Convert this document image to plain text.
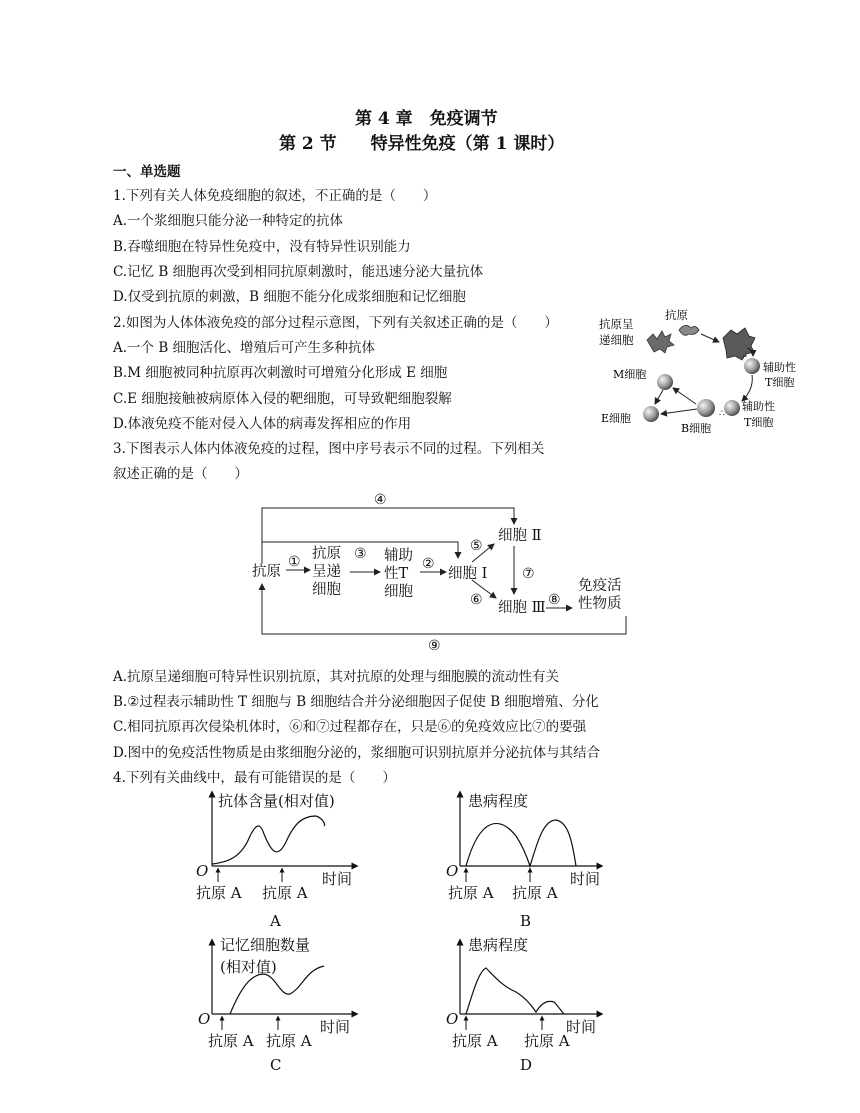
第 4 章　免疫调节
第 2 节　　特异性免疫（第 1 课时）
一、单选题
1.下列有关人体免疫细胞的叙述，不正确的是（　　）
A.一个浆细胞只能分泌一种特定的抗体
B.吞噬细胞在特异性免疫中，没有特异性识别能力
C.记忆 B 细胞再次受到相同抗原刺激时，能迅速分泌大量抗体
D.仅受到抗原的刺激，B 细胞不能分化成浆细胞和记忆细胞
2.如图为人体体液免疫的部分过程示意图，下列有关叙述正确的是（　　）
A.一个 B 细胞活化、增殖后可产生多种抗体
B.M 细胞被同种抗原再次刺激时可增殖分化形成 E 细胞
C.E 细胞接触被病原体入侵的靶细胞，可导致靶细胞裂解
D.体液免疫不能对侵入人体的病毒发挥相应的作用
抗原呈
递细胞
抗原
辅助性
T细胞
辅助性
T细胞
∴
B细胞
M细胞
E细胞
3.下图表示人体内体液免疫的过程，图中序号表示不同的过程。下列相关
叙述正确的是（　　）
抗原
抗原
呈递
细胞
辅助
性T
细胞
细胞 Ⅰ
细胞 Ⅱ
细胞 Ⅲ
免疫活
性物质
①	②
③
④
⑤
⑥
⑦
⑧
⑨
A.抗原呈递细胞可特异性识别抗原，其对抗原的处理与细胞膜的流动性有关
B.②过程表示辅助性 T 细胞与 B 细胞结合并分泌细胞因子促使 B 细胞增殖、分化
C.相同抗原再次侵染机体时，⑥和⑦过程都存在，只是⑥的免疫效应比⑦的要强
D.图中的免疫活性物质是由浆细胞分泌的，浆细胞可识别抗原并分泌抗体与其结合
4.下列有关曲线中，最有可能错误的是（　　）
抗体含量(相对值)
O	时间
抗原 A 抗原 A
A
患病程度
O	时间
抗原 A 抗原 A
B
记忆细胞数量
(相对值)
O	时间
抗原 A 抗原 A
C
患病程度
O	时间
抗原 A 抗原 A
D
